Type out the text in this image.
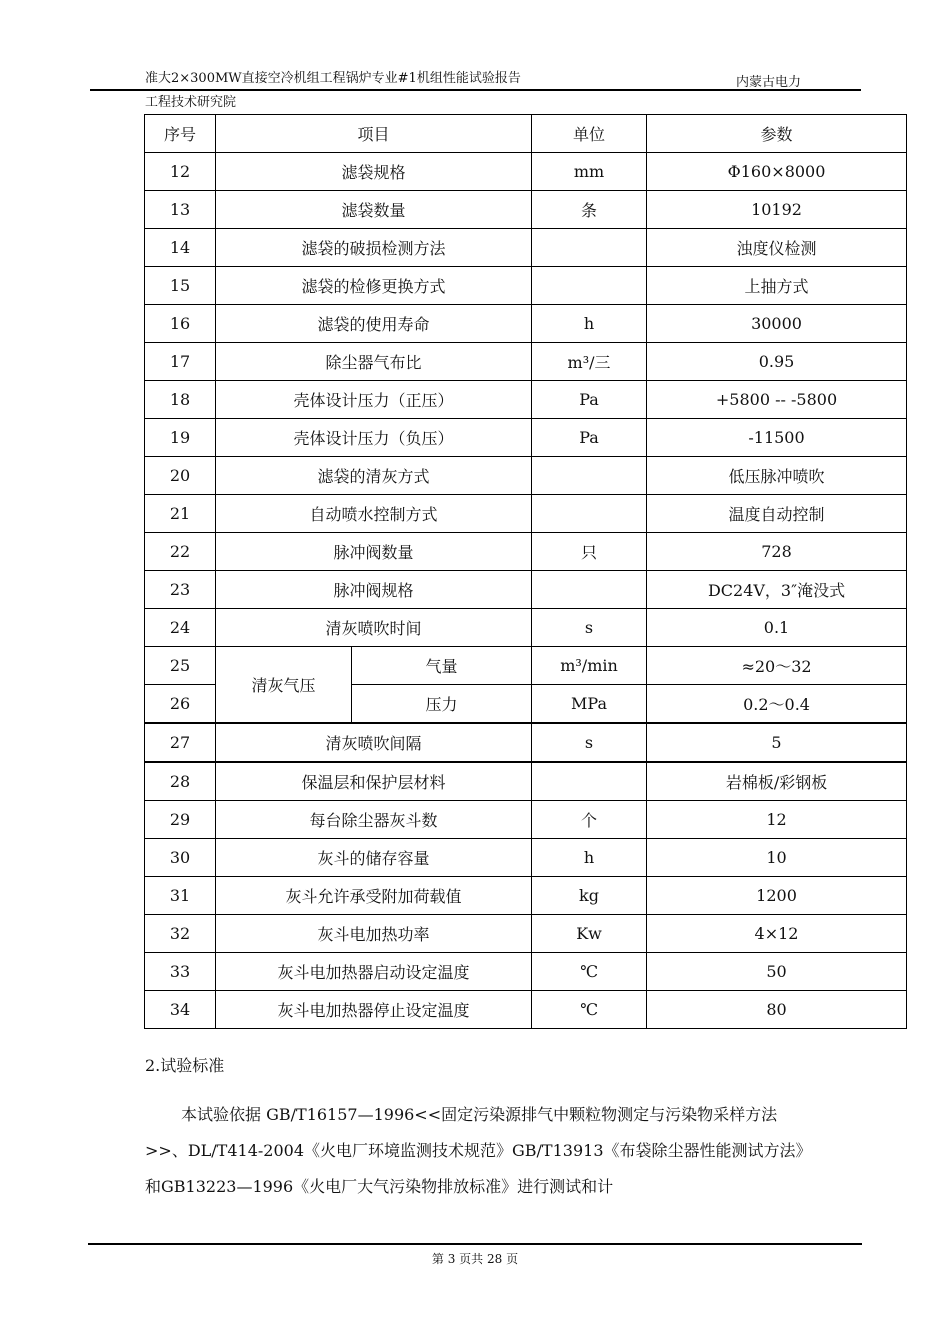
准大2×300MW直接空冷机组工程锅炉专业#1机组性能试验报告	内蒙古电力
工程技术研究院
序号	项目		单位	参数
12	滤袋规格		mm	Φ160×8000
13	滤袋数量		条	10192
14	滤袋的破损检测方法			浊度仪检测
15	滤袋的检修更换方式			上抽方式
16	滤袋的使用寿命		h	30000
17	除尘器气布比		m³/三	0.95
18	壳体设计压力（正压）		Pa	+5800 -- -5800
19	壳体设计压力（负压）		Pa	-11500
20	滤袋的清灰方式			低压脉冲喷吹
21	自动喷水控制方式			温度自动控制
22	脉冲阀数量		只	728
23	脉冲阀规格			DC24V，3″淹没式
24	清灰喷吹时间		s	0.1
25	清灰气压	气量	m³/min	≈20～32
26		压力	MPa	0.2～0.4
27	清灰喷吹间隔		s	5
28	保温层和保护层材料			岩棉板/彩钢板
29	每台除尘器灰斗数		个	12
30	灰斗的储存容量		h	10
31	灰斗允许承受附加荷载值		kg	1200
32	灰斗电加热功率		Kw	4×12
33	灰斗电加热器启动设定温度		℃	50
34	灰斗电加热器停止设定温度		℃	80
2.试验标准

本试验依据 GB/T16157—1996<<固定污染源排气中颗粒物测定与污染物采样方法>>、DL/T414-2004《火电厂环境监测技术规范》GB/T13913《布袋除尘器性能测试方法》和GB13223—1996《火电厂大气污染物排放标准》进行测试和计

第 3 页共 28 页
